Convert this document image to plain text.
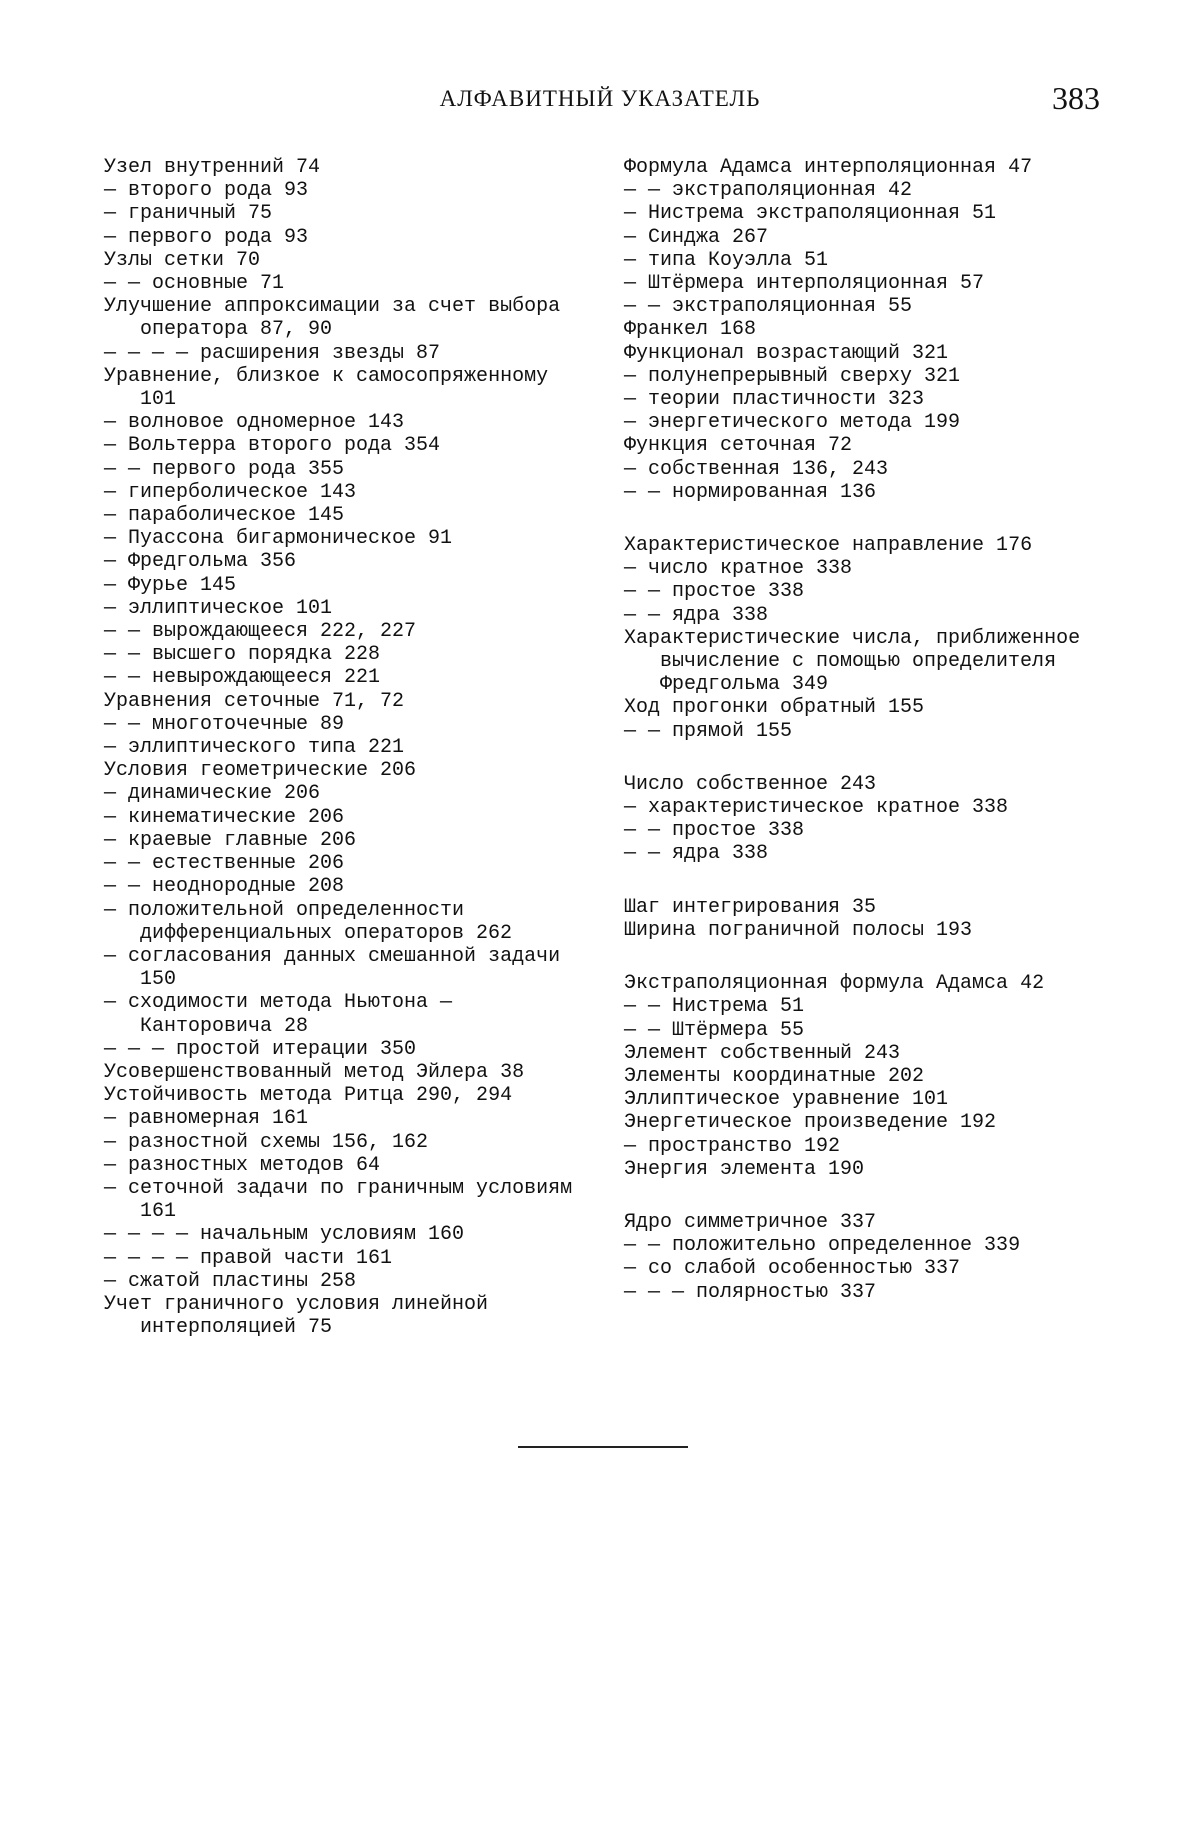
АЛФАВИТНЫЙ УКАЗАТЕЛЬ	383
Узел внутренний 74
— второго рода 93
— граничный 75
— первого рода 93
Узлы сетки 70
— — основные 71
Улучшение аппроксимации за счет выбора оператора 87, 90
— — — — расширения звезды 87
Уравнение, близкое к самосопряженному 101
— волновое одномерное 143
— Вольтерра второго рода 354
— — первого рода 355
— гиперболическое 143
— параболическое 145
— Пуассона бигармоническое 91
— Фредгольма 356
— Фурье 145
— эллиптическое 101
— — вырождающееся 222, 227
— — высшего порядка 228
— — невырождающееся 221
Уравнения сеточные 71, 72
— — многоточечные 89
— эллиптического типа 221
Условия геометрические 206
— динамические 206
— кинематические 206
— краевые главные 206
— — естественные 206
— — неоднородные 208
— положительной определенности дифференциальных операторов 262
— согласования данных смешанной задачи 150
— сходимости метода Ньютона — Канторовича 28
— — — простой итерации 350
Усовершенствованный метод Эйлера 38
Устойчивость метода Ритца 290, 294
— равномерная 161
— разностной схемы 156, 162
— разностных методов 64
— сеточной задачи по граничным условиям 161
— — — — начальным условиям 160
— — — — правой части 161
— сжатой пластины 258
Учет граничного условия линейной интерполяцией 75
Формула Адамса интерполяционная 47
— — экстраполяционная 42
— Нистрема экстраполяционная 51
— Синджа 267
— типа Коуэлла 51
— Штёрмера интерполяционная 57
— — экстраполяционная 55
Франкел 168
Функционал возрастающий 321
— полунепрерывный сверху 321
— теории пластичности 323
— энергетического метода 199
Функция сеточная 72
— собственная 136, 243
— — нормированная 136
Характеристическое направление 176
— число кратное 338
— — простое 338
— — ядра 338
Характеристические числа, приближенное вычисление с помощью определителя Фредгольма 349
Ход прогонки обратный 155
— — прямой 155
Число собственное 243
— характеристическое кратное 338
— — простое 338
— — ядра 338
Шаг интегрирования 35
Ширина пограничной полосы 193
Экстраполяционная формула Адамса 42
— — Нистрема 51
— — Штёрмера 55
Элемент собственный 243
Элементы координатные 202
Эллиптическое уравнение 101
Энергетическое произведение 192
— пространство 192
Энергия элемента 190
Ядро симметричное 337
— — положительно определенное 339
— со слабой особенностью 337
— — — полярностью 337
